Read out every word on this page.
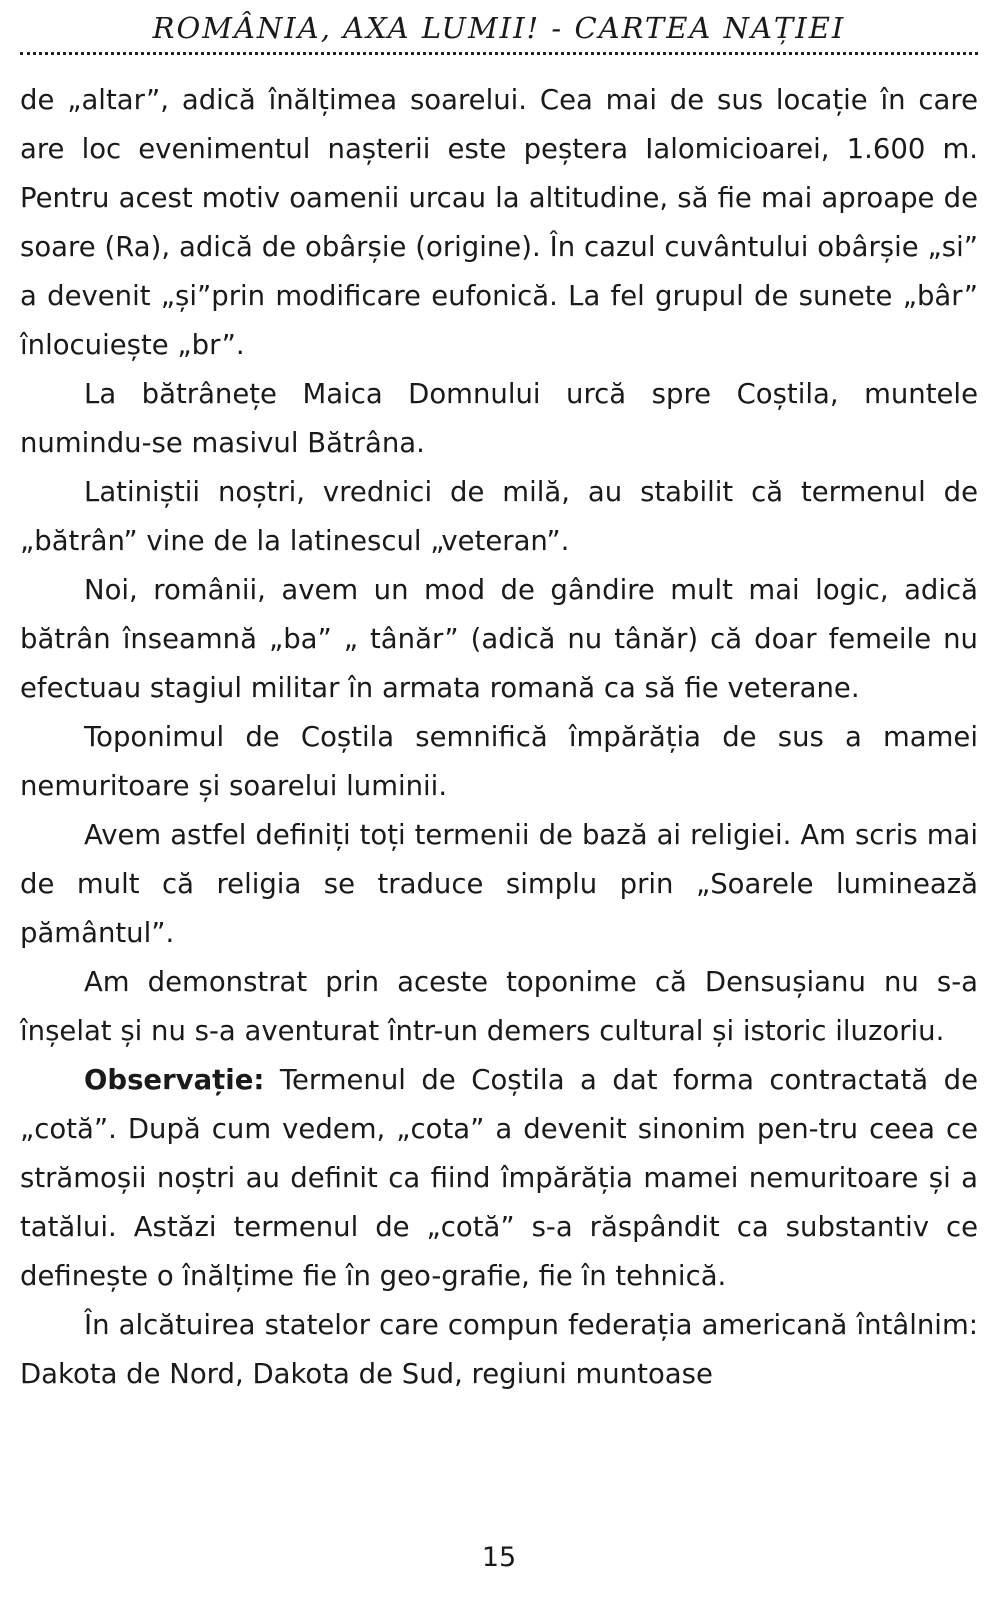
ROMÂNIA, AXA LUMII! - CARTEA NAȚIEI

de „altar”, adică înălțimea soarelui. Cea mai de sus locație în care are loc evenimentul nașterii este peștera Ialomicioarei, 1.600 m. Pentru acest motiv oamenii urcau la altitudine, să fie mai aproape de soare (Ra), adică de obârșie (origine). În cazul cuvântului obârșie „si” a devenit „și”prin modificare eufonică. La fel grupul de sunete „bâr” înlocuiește „br”.

La bătrânețe Maica Domnului urcă spre Coștila, muntele numindu-se masivul Bătrâna.

Latiniștii noștri, vrednici de milă, au stabilit că termenul de „bătrân” vine de la latinescul „veteran”.

Noi, românii, avem un mod de gândire mult mai logic, adică bătrân înseamnă „ba” „ tânăr” (adică nu tânăr) că doar femeile nu efectuau stagiul militar în armata romană ca să fie veterane.

Toponimul de Coștila semnifică împărăția de sus a mamei nemuritoare și soarelui luminii.

Avem astfel definiți toți termenii de bază ai religiei. Am scris mai de mult că religia se traduce simplu prin „Soarele luminează pământul”.

Am demonstrat prin aceste toponime că Densușianu nu s-a înșelat și nu s-a aventurat într-un demers cultural și istoric iluzoriu.

Observație: Termenul de Coștila a dat forma contractată de „cotă”. După cum vedem, „cota” a devenit sinonim pen-tru ceea ce strămoșii noștri au definit ca fiind împărăția mamei nemuritoare și a tatălui. Astăzi termenul de „cotă” s-a răspândit ca substantiv ce definește o înălțime fie în geo-grafie, fie în tehnică.

În alcătuirea statelor care compun federația americană întâlnim: Dakota de Nord, Dakota de Sud, regiuni muntoase

15
